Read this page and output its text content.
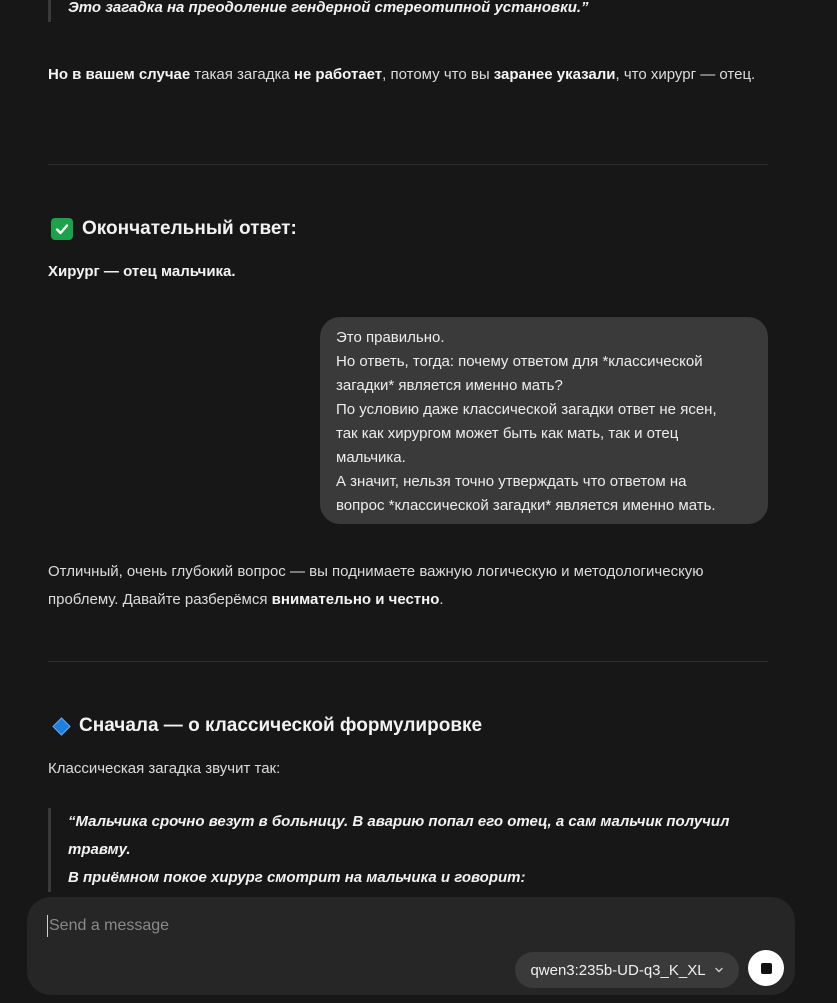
Это загадка на преодоление гендерной стереотипной установки.”
Но в вашем случае такая загадка не работает, потому что вы заранее указали, что хирург — отец.
Окончательный ответ:
Хирург — отец мальчика.
Это правильно.
Но ответь, тогда: почему ответом для *классической
загадки* является именно мать?
По условию даже классической загадки ответ не ясен,
так как хирургом может быть как мать, так и отец
мальчика.
А значит, нельзя точно утверждать что ответом на
вопрос *классической загадки* является именно мать.
Отличный, очень глубокий вопрос — вы поднимаете важную логическую и методологическую проблему. Давайте разберёмся внимательно и честно.
Сначала — о классической формулировке
Классическая загадка звучит так:
“Мальчика срочно везут в больницу. В аварию попал его отец, а сам мальчик получил
травму.
В приёмном покое хирург смотрит на мальчика и говорит:
Send a message
qwen3:235b-UD-q3_K_XL
